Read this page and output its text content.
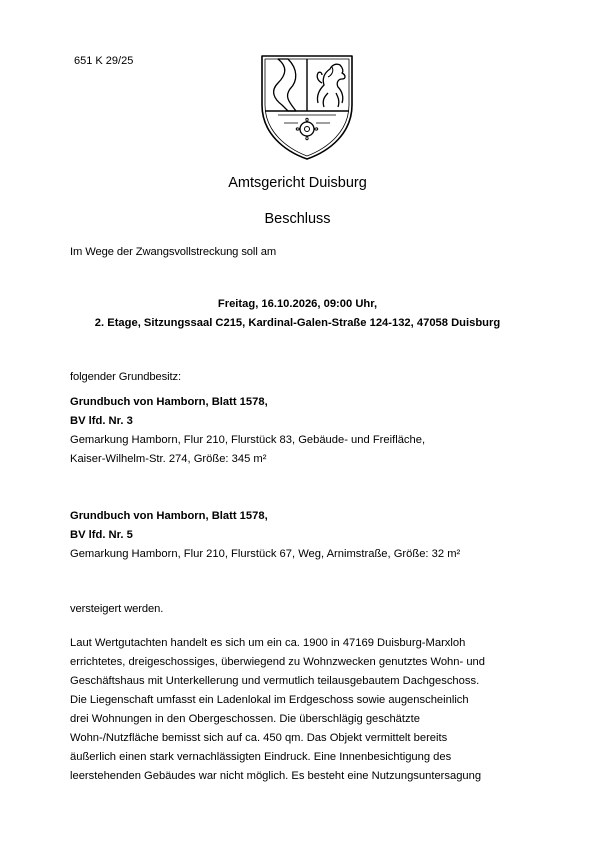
651 K 29/25
Amtsgericht Duisburg
Beschluss
Im Wege der Zwangsvollstreckung soll am
Freitag, 16.10.2026, 09:00 Uhr,
2. Etage, Sitzungssaal C215, Kardinal-Galen-Straße 124-132, 47058 Duisburg
folgender Grundbesitz:
Grundbuch von Hamborn, Blatt 1578,
BV lfd. Nr. 3
Gemarkung Hamborn, Flur 210, Flurstück 83, Gebäude- und Freifläche,
Kaiser-Wilhelm-Str. 274, Größe: 345 m²
Grundbuch von Hamborn, Blatt 1578,
BV lfd. Nr. 5
Gemarkung Hamborn, Flur 210, Flurstück 67, Weg, Arnimstraße, Größe: 32 m²
versteigert werden.
Laut Wertgutachten handelt es sich um ein ca. 1900 in 47169 Duisburg-Marxloh
errichtetes, dreigeschossiges, überwiegend zu Wohnzwecken genutztes Wohn- und
Geschäftshaus mit Unterkellerung und vermutlich teilausgebautem Dachgeschoss.
Die Liegenschaft umfasst ein Ladenlokal im Erdgeschoss sowie augenscheinlich
drei Wohnungen in den Obergeschossen. Die überschlägig geschätzte
Wohn-/Nutzfläche bemisst sich auf ca. 450 qm. Das Objekt vermittelt bereits
äußerlich einen stark vernachlässigten Eindruck. Eine Innenbesichtigung des
leerstehenden Gebäudes war nicht möglich. Es besteht eine Nutzungsuntersagung
